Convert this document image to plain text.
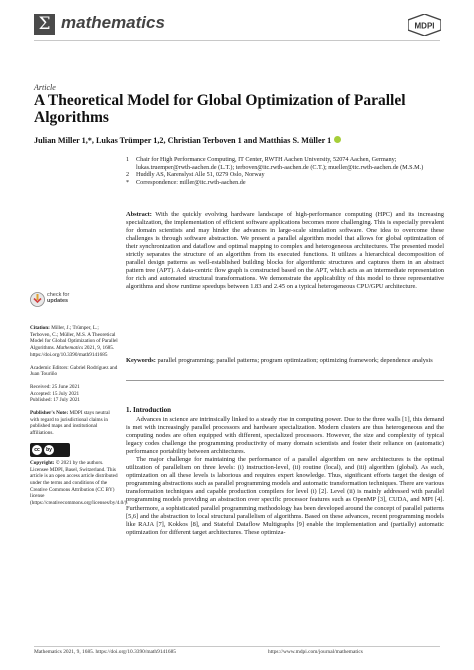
Σ mathematics	MDPI
Article
A Theoretical Model for Global Optimization of Parallel Algorithms
Julian Miller 1,*, Lukas Trümper 1,2, Christian Terboven 1 and Matthias S. Müller 1
1	Chair for High Performance Computing, IT Center, RWTH Aachen University, 52074 Aachen, Germany; lukas.truemper@rwth-aachen.de (L.T.); terboven@itc.rwth-aachen.de (C.T.); mueller@itc.rwth-aachen.de (M.S.M.)
2	Huddly AS, Karenslyst Alle 51, 0279 Oslo, Norway
*	Correspondence: miller@itc.rwth-aachen.de
Abstract: With the quickly evolving hardware landscape of high-performance computing (HPC) and its increasing specialization, the implementation of efficient software applications becomes more challenging. This is especially prevalent for domain scientists and may hinder the advances in large-scale simulation software. One idea to overcome these challenges is through software abstraction. We present a parallel algorithm model that allows for global optimization of their synchronization and dataflow and optimal mapping to complex and heterogeneous architectures. The presented model strictly separates the structure of an algorithm from its executed functions. It utilizes a hierarchical decomposition of parallel design patterns as well-established building blocks for algorithmic structures and captures them in an abstract pattern tree (APT). A data-centric flow graph is constructed based on the APT, which acts as an intermediate representation for rich and automated structural transformations. We demonstrate the applicability of this model to three representative algorithms and show runtime speedups between 1.83 and 2.45 on a typical heterogeneous CPU/GPU architecture.
Keywords: parallel programming; parallel patterns; program optimization; optimizing framework; dependence analysis
check for
updates
Citation: Miller, J.; Trümper, L.; Terboven, C.; Müller, M.S. A Theoretical Model for Global Optimization of Parallel Algorithms. Mathematics 2021, 9, 1685. https://doi.org/10.3390/math9141685
Academic Editors: Gabriel Rodríguez and Juan Touriño
Received: 25 June 2021
Accepted: 15 July 2021
Published: 17 July 2021
Publisher's Note: MDPI stays neutral with regard to jurisdictional claims in published maps and institutional affiliations.
cc	by
Copyright: © 2021 by the authors. Licensee MDPI, Basel, Switzerland. This article is an open access article distributed under the terms and conditions of the Creative Commons Attribution (CC BY) license (https://creativecommons.org/licenses/by/4.0/).
1. Introduction

Advances in science are intrinsically linked to a steady rise in computing power. Due to the three walls [1], this demand is met with increasingly parallel processors and hardware specialization. Modern clusters are thus heterogeneous and the computing nodes are often equipped with different, specialized processors. However, the size and complexity of typical legacy codes challenge the programming productivity of many domain scientists and foster their reliance on (automatic) performance portability between architectures.

The major challenge for maintaining the performance of a parallel algorithm on new architectures is the optimal utilization of parallelism on three levels: (i) instruction-level, (ii) routine (local), and (iii) algorithm (global). As such, optimization on all these levels is laborious and requires expert knowledge. Thus, significant efforts target the design of programming abstractions such as parallel programming models and automatic transformation techniques. There are various transformation techniques and capable production compilers for level (i) [2]. Level (ii) is mainly addressed with parallel programming models providing an abstraction over specific processor features such as OpenMP [3], CUDA, and MPI [4]. Furthermore, a sophisticated parallel programming methodology has been developed around the concept of parallel patterns [5,6] and the abstraction to local structural parallelism of algorithms. Based on these advances, recent programming models like RAJA [7], Kokkos [8], and Stateful Dataflow Multigraphs [9] enable the implementation and (partially) automatic optimization for different target architectures. These optimiza-

Mathematics 2021, 9, 1685. https://doi.org/10.3390/math9141685	https://www.mdpi.com/journal/mathematics
